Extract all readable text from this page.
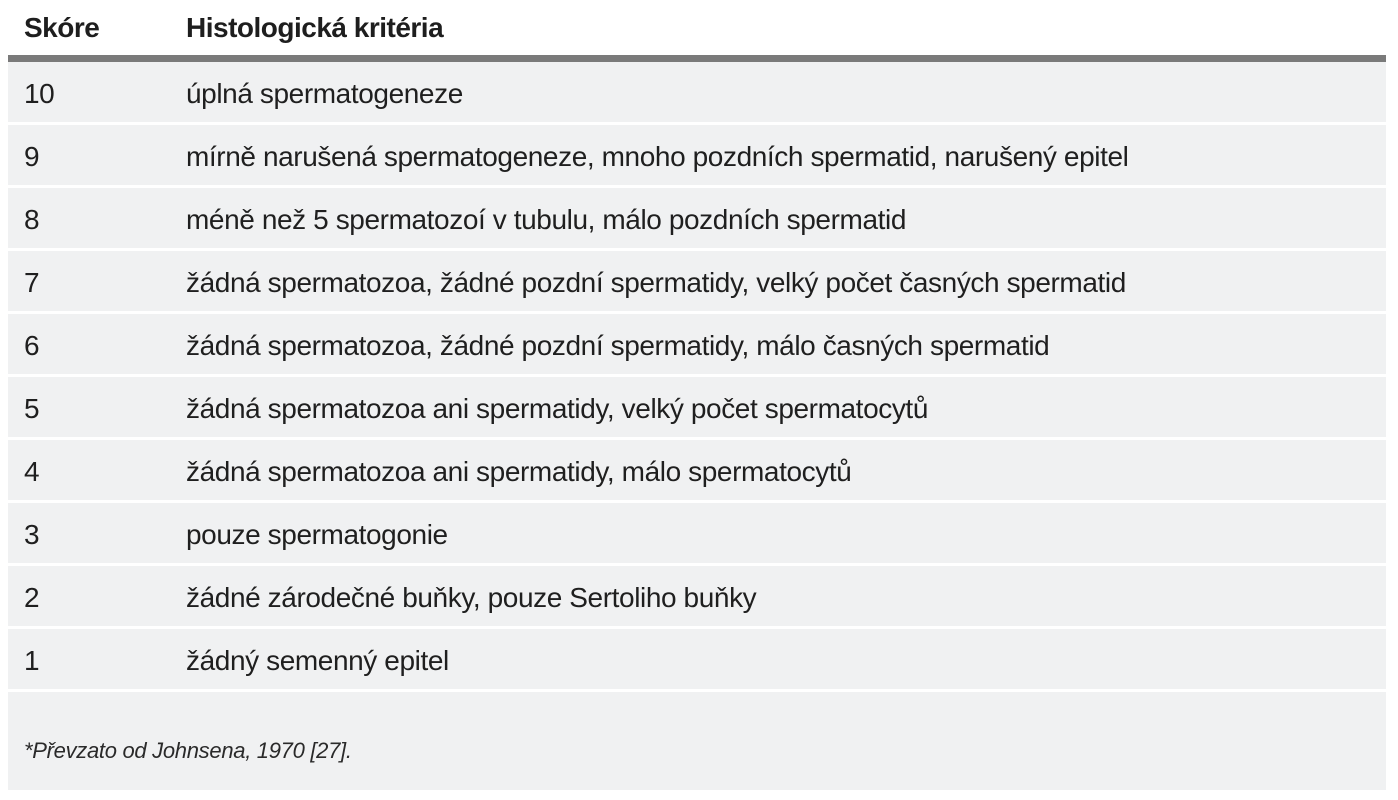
Skóre	Histologická kritéria
10	úplná spermatogeneze
9	mírně narušená spermatogeneze, mnoho pozdních spermatid, narušený epitel
8	méně než 5 spermatozoí v tubulu, málo pozdních spermatid
7	žádná spermatozoa, žádné pozdní spermatidy, velký počet časných spermatid
6	žádná spermatozoa, žádné pozdní spermatidy, málo časných spermatid
5	žádná spermatozoa ani spermatidy, velký počet spermatocytů
4	žádná spermatozoa ani spermatidy, málo spermatocytů
3	pouze spermatogonie
2	žádné zárodečné buňky, pouze Sertoliho buňky
1	žádný semenný epitel
*Převzato od Johnsena, 1970 [27].
